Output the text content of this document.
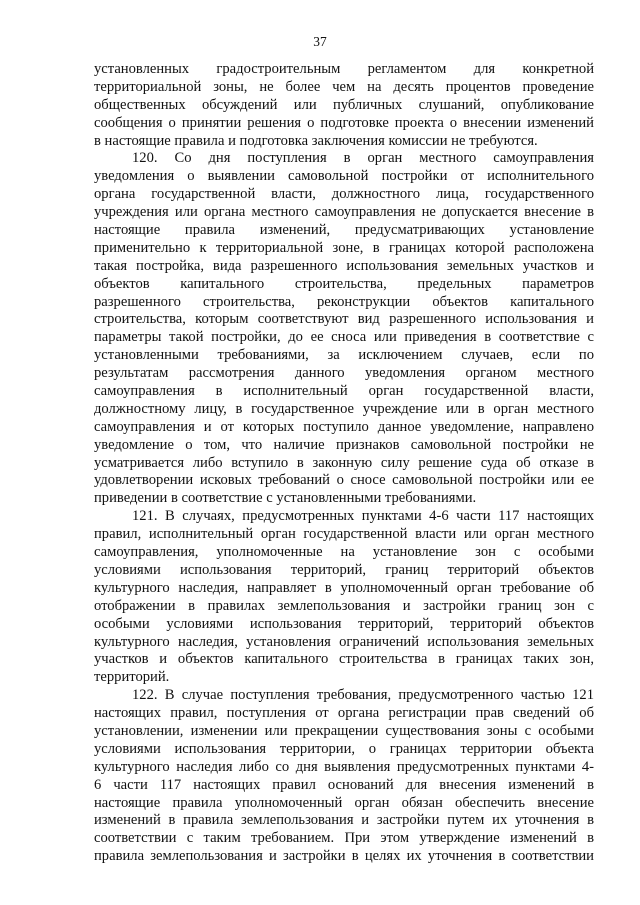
37
установленных градостроительным регламентом для конкретной
территориальной зоны, не более чем на десять процентов проведение
общественных обсуждений или публичных слушаний, опубликование
сообщения о принятии решения о подготовке проекта о внесении изменений
в настоящие правила и подготовка заключения комиссии не требуются.
120. Со дня поступления в орган местного самоуправления
уведомления о выявлении самовольной постройки от исполнительного
органа государственной власти, должностного лица, государственного
учреждения или органа местного самоуправления не допускается внесение в
настоящие правила изменений, предусматривающих установление
применительно к территориальной зоне, в границах которой расположена
такая постройка, вида разрешенного использования земельных участков и
объектов капитального строительства, предельных параметров
разрешенного строительства, реконструкции объектов капитального
строительства, которым соответствуют вид разрешенного использования и
параметры такой постройки, до ее сноса или приведения в соответствие с
установленными требованиями, за исключением случаев, если по
результатам рассмотрения данного уведомления органом местного
самоуправления в исполнительный орган государственной власти,
должностному лицу, в государственное учреждение или в орган местного
самоуправления и от которых поступило данное уведомление, направлено
уведомление о том, что наличие признаков самовольной постройки не
усматривается либо вступило в законную силу решение суда об отказе в
удовлетворении исковых требований о сносе самовольной постройки или ее
приведении в соответствие с установленными требованиями.
121. В случаях, предусмотренных пунктами 4-6 части 117 настоящих
правил, исполнительный орган государственной власти или орган местного
самоуправления, уполномоченные на установление зон с особыми
условиями использования территорий, границ территорий объектов
культурного наследия, направляет в уполномоченный орган требование об
отображении в правилах землепользования и застройки границ зон с
особыми условиями использования территорий, территорий объектов
культурного наследия, установления ограничений использования земельных
участков и объектов капитального строительства в границах таких зон,
территорий.
122. В случае поступления требования, предусмотренного частью 121
настоящих правил, поступления от органа регистрации прав сведений об
установлении, изменении или прекращении существования зоны с особыми
условиями использования территории, о границах территории объекта
культурного наследия либо со дня выявления предусмотренных пунктами 4-
6 части 117 настоящих правил оснований для внесения изменений в
настоящие правила уполномоченный орган обязан обеспечить внесение
изменений в правила землепользования и застройки путем их уточнения в
соответствии с таким требованием. При этом утверждение изменений в
правила землепользования и застройки в целях их уточнения в соответствии
